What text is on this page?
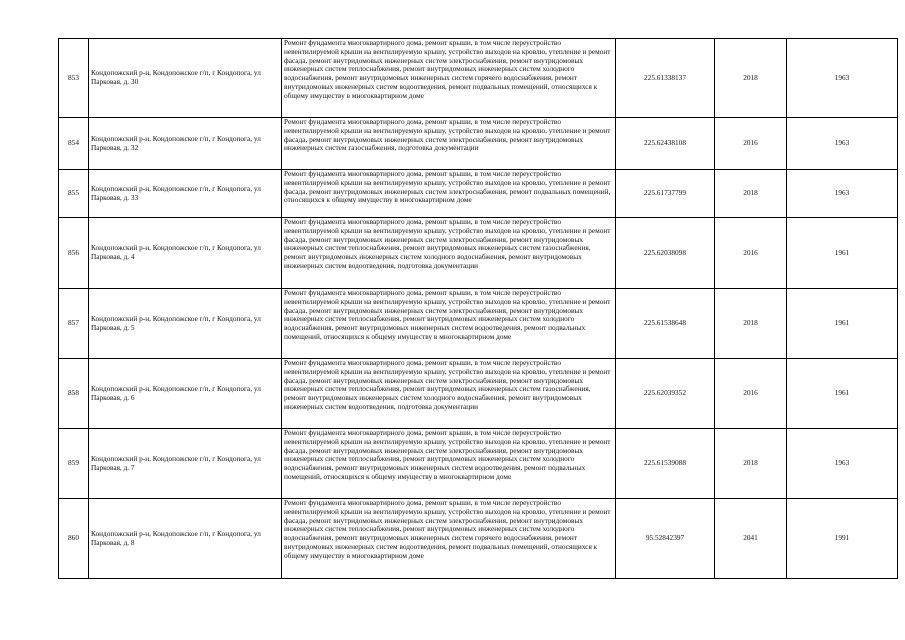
853	Кондопожский р-н, Кондопожское г/п, г Кондопога, ул Парковая, д. 30	Ремонт фундамента многоквартирного дома, ремонт крыши, в том числе переустройство невентилируемой крыши на вентилируемую крышу, устройство выходов на кровлю, утепление и ремонт фасада, ремонт внутридомовых инженерных систем электроснабжения, ремонт внутридомовых инженерных систем теплоснабжения, ремонт внутридомовых инженерных систем холодного водоснабжения, ремонт внутридомовых инженерных систем горячего водоснабжения, ремонт внутридомовых инженерных систем водоотведения, ремонт подвальных помещений, относящихся к общему имуществу в многоквартирном доме	225.61338137	2018	1963
854	Кондопожский р-н, Кондопожское г/п, г Кондопога, ул Парковая, д. 32	Ремонт фундамента многоквартирного дома, ремонт крыши, в том числе переустройство невентилируемой крыши на вентилируемую крышу, устройство выходов на кровлю, утепление и ремонт фасада, ремонт внутридомовых инженерных систем электроснабжения, ремонт внутридомовых инженерных систем газоснабжения, подготовка документации	225.62438108	2016	1963
855	Кондопожский р-н, Кондопожское г/п, г Кондопога, ул Парковая, д. 33	Ремонт фундамента многоквартирного дома, ремонт крыши, в том числе переустройство невентилируемой крыши на вентилируемую крышу, устройство выходов на кровлю, утепление и ремонт фасада, ремонт внутридомовых инженерных систем электроснабжения, ремонт подвальных помещений, относящихся к общему имуществу в многоквартирном доме	225.61737799	2018	1963
856	Кондопожский р-н, Кондопожское г/п, г Кондопога, ул Парковая, д. 4	Ремонт фундамента многоквартирного дома, ремонт крыши, в том числе переустройство невентилируемой крыши на вентилируемую крышу, устройство выходов на кровлю, утепление и ремонт фасада, ремонт внутридомовых инженерных систем электроснабжения, ремонт внутридомовых инженерных систем теплоснабжения, ремонт внутридомовых инженерных систем газоснабжения, ремонт внутридомовых инженерных систем холодного водоснабжения, ремонт внутридомовых инженерных систем водоотведения, подготовка документации	225.62038098	2016	1961
857	Кондопожский р-н, Кондопожское г/п, г Кондопога, ул Парковая, д. 5	Ремонт фундамента многоквартирного дома, ремонт крыши, в том числе переустройство невентилируемой крыши на вентилируемую крышу, устройство выходов на кровлю, утепление и ремонт фасада, ремонт внутридомовых инженерных систем электроснабжения, ремонт внутридомовых инженерных систем теплоснабжения, ремонт внутридомовых инженерных систем холодного водоснабжения, ремонт внутридомовых инженерных систем водоотведения, ремонт подвальных помещений, относящихся к общему имуществу в многоквартирном доме	225.61538648	2018	1961
858	Кондопожский р-н, Кондопожское г/п, г Кондопога, ул Парковая, д. 6	Ремонт фундамента многоквартирного дома, ремонт крыши, в том числе переустройство невентилируемой крыши на вентилируемую крышу, устройство выходов на кровлю, утепление и ремонт фасада, ремонт внутридомовых инженерных систем электроснабжения, ремонт внутридомовых инженерных систем теплоснабжения, ремонт внутридомовых инженерных систем газоснабжения, ремонт внутридомовых инженерных систем холодного водоснабжения, ремонт внутридомовых инженерных систем водоотведения, подготовка документации	225.62039352	2016	1961
859	Кондопожский р-н, Кондопожское г/п, г Кондопога, ул Парковая, д. 7	Ремонт фундамента многоквартирного дома, ремонт крыши, в том числе переустройство невентилируемой крыши на вентилируемую крышу, устройство выходов на кровлю, утепление и ремонт фасада, ремонт внутридомовых инженерных систем электроснабжения, ремонт внутридомовых инженерных систем теплоснабжения, ремонт внутридомовых инженерных систем холодного водоснабжения, ремонт внутридомовых инженерных систем водоотведения, ремонт подвальных помещений, относящихся к общему имуществу в многоквартирном доме	225.61539088	2018	1963
860	Кондопожский р-н, Кондопожское г/п, г Кондопога, ул Парковая, д. 8	Ремонт фундамента многоквартирного дома, ремонт крыши, в том числе переустройство невентилируемой крыши на вентилируемую крышу, устройство выходов на кровлю, утепление и ремонт фасада, ремонт внутридомовых инженерных систем электроснабжения, ремонт внутридомовых инженерных систем теплоснабжения, ремонт внутридомовых инженерных систем холодного водоснабжения, ремонт внутридомовых инженерных систем горячего водоснабжения, ремонт внутридомовых инженерных систем водоотведения, ремонт подвальных помещений, относящихся к общему имуществу в многоквартирном доме	95.52842397	2041	1991
